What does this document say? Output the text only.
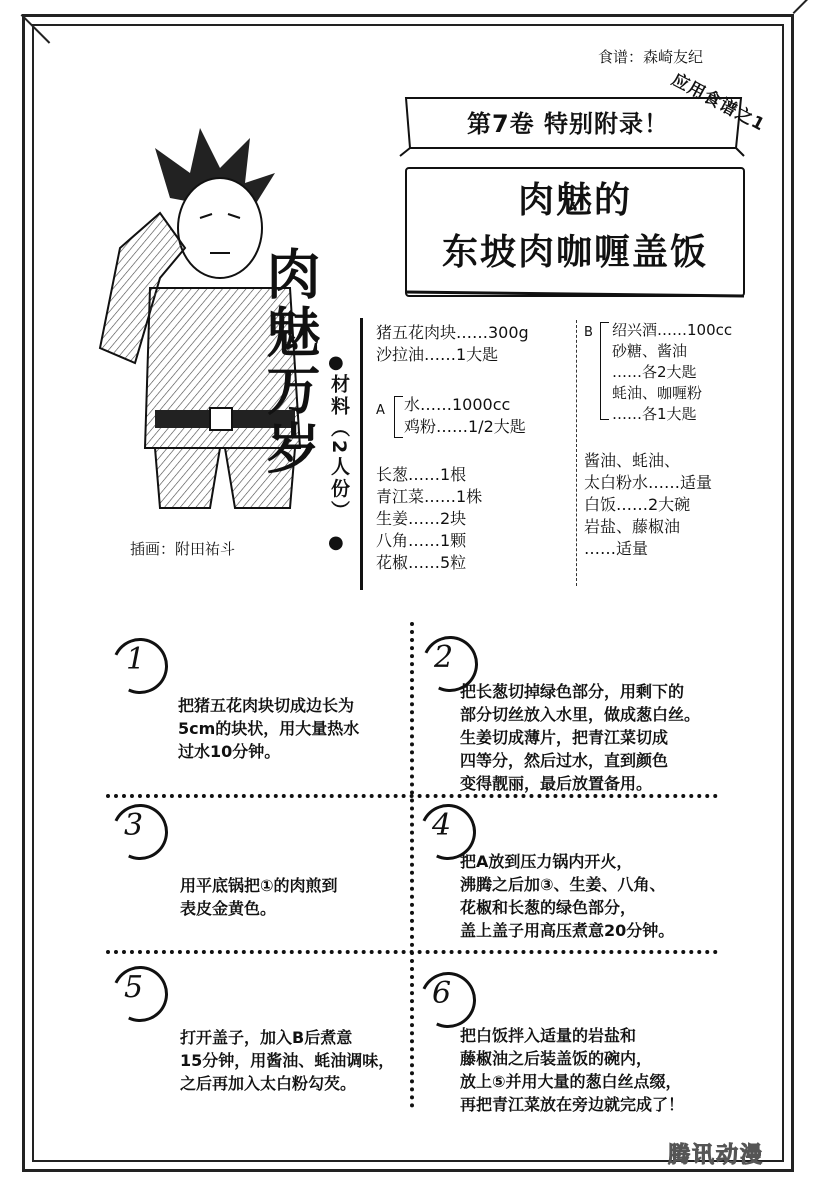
食谱：森崎友纪
插画：附田祐斗
第7卷 特别附录！ 应用食谱之1
肉魅的
东坡肉咖喱盖饭
肉魅万岁 ●
材料（2人份）
●
猪五花肉块……300g
沙拉油……1大匙
A 水……1000cc
鸡粉……1/2大匙
长葱……1根
青江菜……1株
生姜……2块
八角……1颗
花椒……5粒
B 绍兴酒……100cc
砂糖、酱油
……各2大匙
蚝油、咖喱粉
……各1大匙
酱油、蚝油、
太白粉水……适量
白饭……2大碗
岩盐、藤椒油
……适量
1
把猪五花肉块切成边长为
5cm的块状，用大量热水
过水10分钟。
2
把长葱切掉绿色部分，用剩下的
部分切丝放入水里，做成葱白丝。
生姜切成薄片，把青江菜切成
四等分，然后过水，直到颜色
变得靓丽，最后放置备用。
3
用平底锅把①的肉煎到
表皮金黄色。
4
把A放到压力锅内开火，
沸腾之后加③、生姜、八角、
花椒和长葱的绿色部分，
盖上盖子用高压煮意20分钟。
5
打开盖子，加入B后煮意
15分钟，用酱油、蚝油调味，
之后再加入太白粉勾芡。
6
把白饭拌入适量的岩盐和
藤椒油之后装盖饭的碗内，
放上⑤并用大量的葱白丝点缀，
再把青江菜放在旁边就完成了！
腾讯动漫
